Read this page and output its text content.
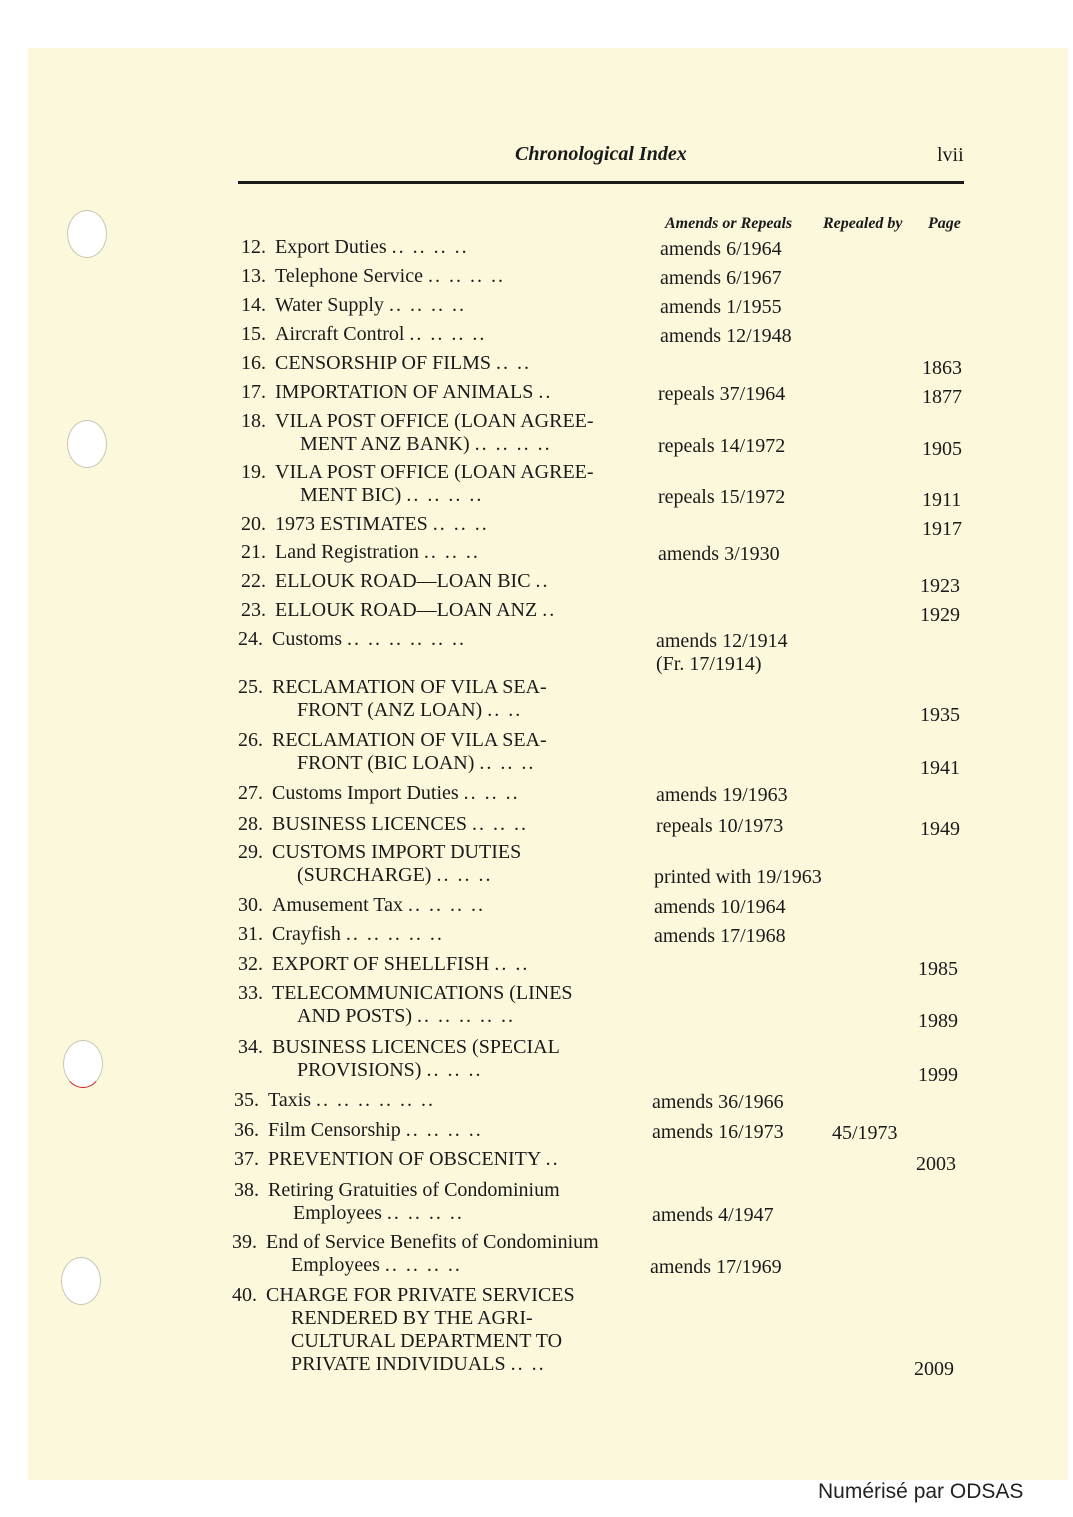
Chronological Index	lvii
Amends or Repeals Repealed by Page
12. Export Duties .. .. .. ..	amends 6/1964
13. Telephone Service .. .. .. ..	amends 6/1967
14. Water Supply .. .. .. ..	amends 1/1955
15. Aircraft Control .. .. .. ..	amends 12/1948
16. CENSORSHIP OF FILMS .. ..	1863
17. IMPORTATION OF ANIMALS ..	repeals 37/1964	1877
18. VILA POST OFFICE (LOAN AGREE-
MENT ANZ BANK) .. .. .. ..	repeals 14/1972	1905
19. VILA POST OFFICE (LOAN AGREE-
MENT BIC) .. .. .. ..	repeals 15/1972	1911
20. 1973 ESTIMATES .. .. ..	1917
21. Land Registration .. .. ..	amends 3/1930
22. ELLOUK ROAD—LOAN BIC ..	1923
23. ELLOUK ROAD—LOAN ANZ ..	1929
24. Customs .. .. .. .. .. ..	amends 12/1914
(Fr. 17/1914)
25. RECLAMATION OF VILA SEA-
FRONT (ANZ LOAN) .. ..	1935
26. RECLAMATION OF VILA SEA-
FRONT (BIC LOAN) .. .. ..	1941
27. Customs Import Duties .. .. ..	amends 19/1963
28. BUSINESS LICENCES .. .. ..	repeals 10/1973	1949
29. CUSTOMS IMPORT DUTIES
(SURCHARGE) .. .. ..	printed with 19/1963
30. Amusement Tax .. .. .. ..	amends 10/1964
31. Crayfish .. .. .. .. ..	amends 17/1968
32. EXPORT OF SHELLFISH .. ..	1985
33. TELECOMMUNICATIONS (LINES
AND POSTS) .. .. .. .. ..	1989
34. BUSINESS LICENCES (SPECIAL
PROVISIONS) .. .. ..	1999
35. Taxis .. .. .. .. .. ..	amends 36/1966
36. Film Censorship .. .. .. ..	amends 16/1973 45/1973
37. PREVENTION OF OBSCENITY ..	2003
38. Retiring Gratuities of Condominium
Employees .. .. .. ..	amends 4/1947
39. End of Service Benefits of Condominium
Employees .. .. .. ..	amends 17/1969
40. CHARGE FOR PRIVATE SERVICES
RENDERED BY THE AGRI-
CULTURAL DEPARTMENT TO
PRIVATE INDIVIDUALS .. ..	2009
Numérisé par ODSAS
